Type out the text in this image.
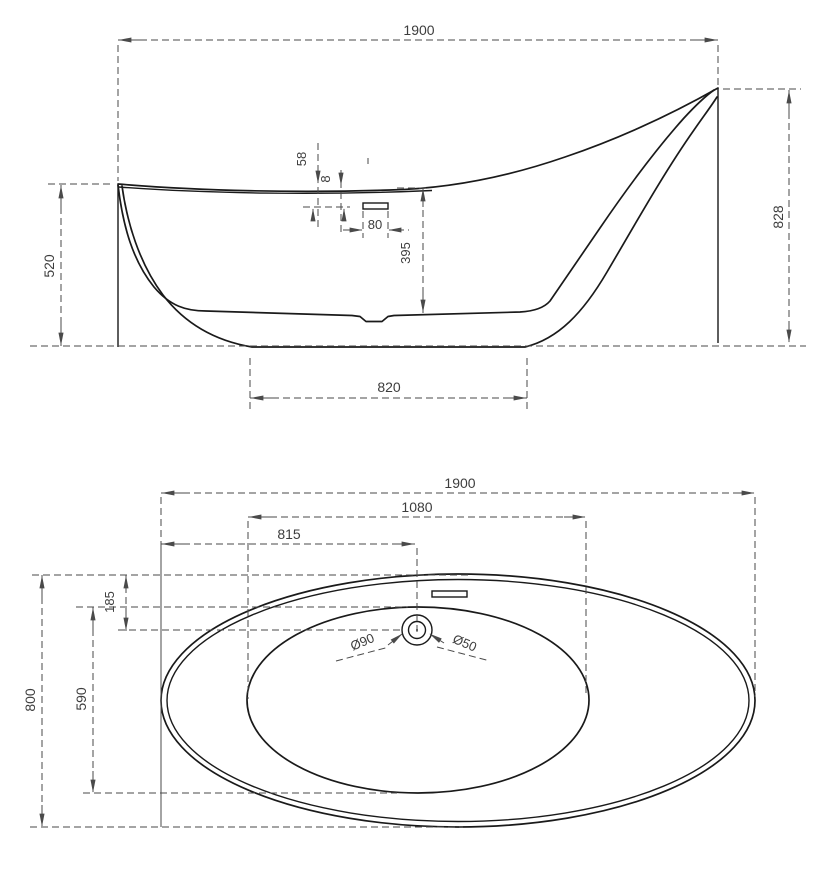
1900
828
520
58
8
80
395
820
1900
1080
815
800	590
185
Ø90	Ø50
